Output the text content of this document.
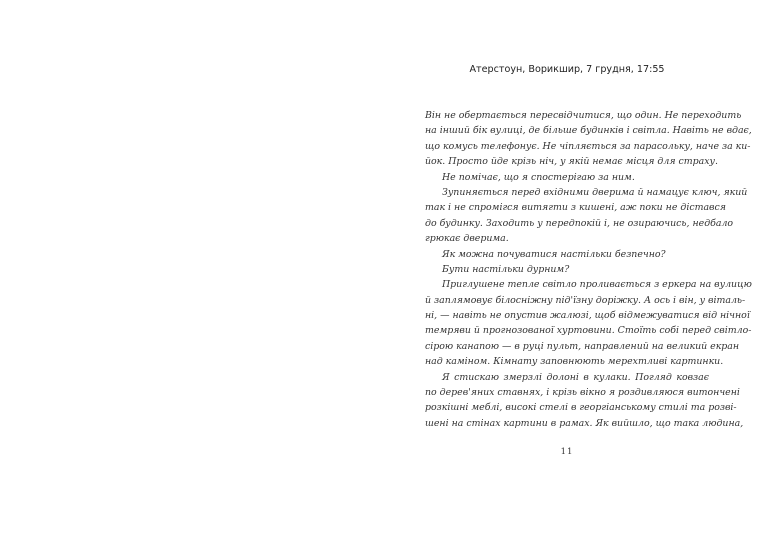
Атерстоун, Ворикшир, 7 грудня, 17:55
Він не обертається пересвідчитися, що один. Не переходить
на інший бік вулиці, де більше будинків і світла. Навіть не вдає,
що комусь телефонує. Не чіпляється за парасольку, наче за ки-
йок. Просто йде крізь ніч, у якій немає місця для страху.
Не помічає, що я спостерігаю за ним.
Зупиняється перед вхідними дверима й намацує ключ, який
так і не спромігся витягти з кишені, аж поки не дістався
до будинку. Заходить у передпокій і, не озираючись, недбало
грюкає дверима.
Як можна почуватися настільки безпечно?
Бути настільки дурним?
Приглушене тепле світло проливається з еркера на вулицю
й заплямовує білосніжну під'їзну доріжку. А ось і він, у віталь-
ні, — навіть не опустив жалюзі, щоб відмежуватися від нічної
темряви й прогнозованої хуртовини. Стоїть собі перед світло-
сірою канапою — в руці пульт, направлений на великий екран
над каміном. Кімнату заповнюють мерехтливі картинки.
Я стискаю змерзлі долоні в кулаки. Погляд ковзає
по дерев'яних ставнях, і крізь вікно я роздивляюся витончені
розкішні меблі, високі стелі в георгіанському стилі та розві-
шені на стінах картини в рамах. Як вийшло, що така людина,
11
